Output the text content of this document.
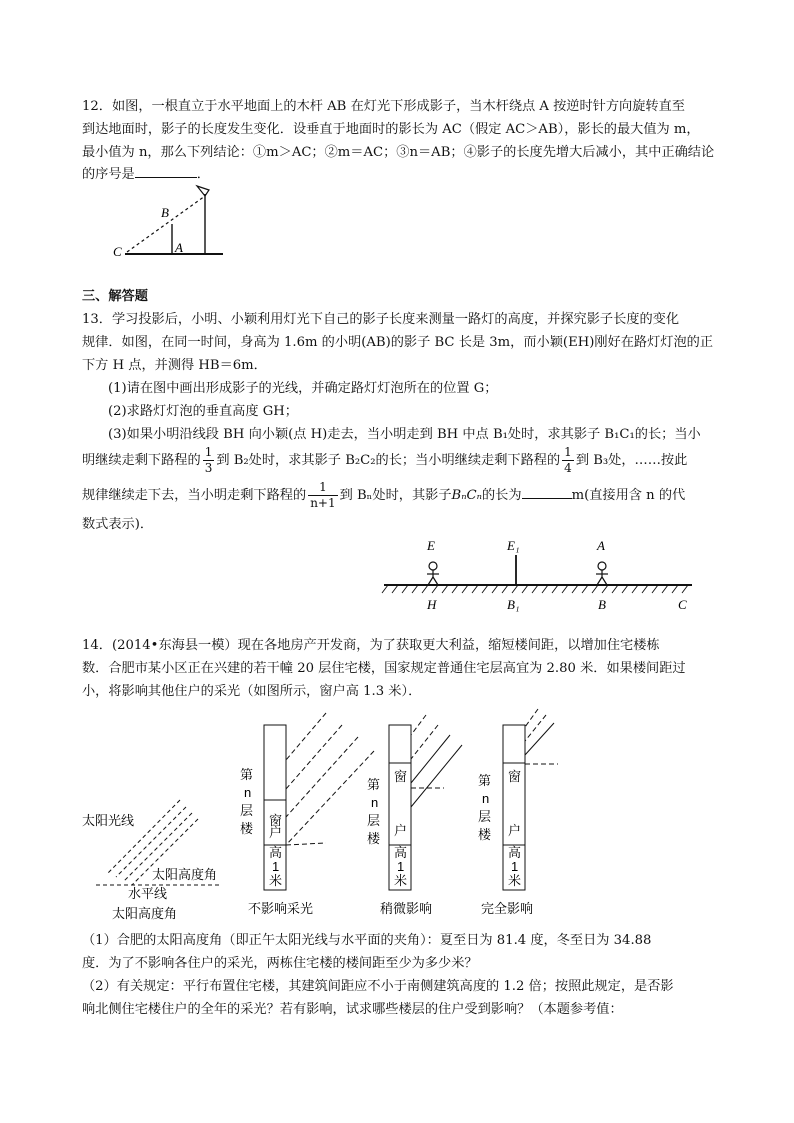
12．如图，一根直立于水平地面上的木杆 AB 在灯光下形成影子，当木杆绕点 A 按逆时针方向旋转直至
到达地面时，影子的长度发生变化．设垂直于地面时的影长为 AC（假定 AC＞AB），影长的最大值为 m，
最小值为 n，那么下列结论：①m＞AC；②m＝AC；③n＝AB；④影子的长度先增大后减小，其中正确结论
的序号是	．
B
A
C
三、解答题
13．学习投影后，小明、小颖利用灯光下自己的影子长度来测量一路灯的高度，并探究影子长度的变化
规律．如图，在同一时间，身高为 1.6m 的小明(AB)的影子 BC 长是 3m，而小颖(EH)刚好在路灯灯泡的正
下方 H 点，并测得 HB＝6m．
(1)请在图中画出形成影子的光线，并确定路灯灯泡所在的位置 G；
(2)求路灯灯泡的垂直高度 GH；
(3)如果小明沿线段 BH 向小颖(点 H)走去，当小明走到 BH 中点 B₁处时，求其影子 B₁C₁的长；当小
明继续走剩下路程的 $\frac{1}{3}$ 到 B₂处时，求其影子 B₂C₂的长；当小明继续走剩下路程的 $\frac{1}{4}$ 到 B₃处，……按此
规律继续走下去，当小明走剩下路程的 $\frac{1}{n+1}$ 到 Bₙ处时，其影子BₙCₙ的长为	m(直接用含 n 的代
数式表示)．
E	E₁	A
H	B₁	B	C
14．(2014•东海县一模）现在各地房产开发商，为了获取更大利益，缩短楼间距，以增加住宅楼栋
数．合肥市某小区正在兴建的若干幢 20 层住宅楼，国家规定普通住宅层高宜为 2.80 米．如果楼间距过
小，将影响其他住户的采光（如图所示，窗户高 1.3 米）．
太阳光线
太阳高度角
水平线
太阳高度角
第
n
层
楼
窗
户
高
1
米
不影响采光
第
n
层
楼
窗
户
高
1
米
稍微影响
第
n
层
楼
窗
户
高
1
米
完全影响
（1）合肥的太阳高度角（即正午太阳光线与水平面的夹角）：夏至日为 81.4 度，冬至日为 34.88
度．为了不影响各住户的采光，两栋住宅楼的楼间距至少为多少米？
（2）有关规定：平行布置住宅楼，其建筑间距应不小于南侧建筑高度的 1.2 倍；按照此规定，是否影
响北侧住宅楼住户的全年的采光？若有影响，试求哪些楼层的住户受到影响？（本题参考值：
